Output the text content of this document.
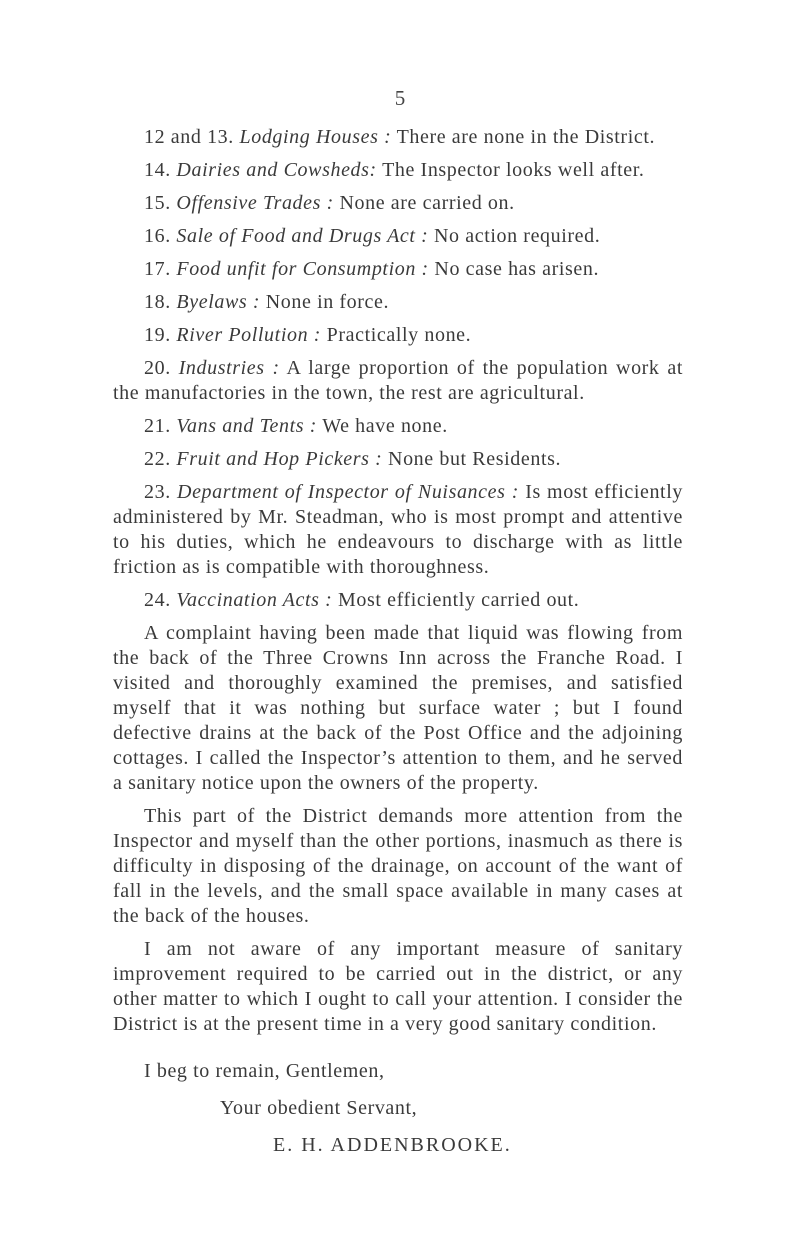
5

12 and 13. Lodging Houses : There are none in the District.

14. Dairies and Cowsheds: The Inspector looks well after.

15. Offensive Trades : None are carried on.

16. Sale of Food and Drugs Act : No action required.

17. Food unfit for Consumption : No case has arisen.

18. Byelaws : None in force.

19. River Pollution : Practically none.

20. Industries : A large proportion of the population work at the manufactories in the town, the rest are agricultural.

21. Vans and Tents : We have none.

22. Fruit and Hop Pickers : None but Residents.

23. Department of Inspector of Nuisances : Is most efficiently administered by Mr. Steadman, who is most prompt and attentive to his duties, which he endeavours to discharge with as little friction as is compatible with thoroughness.

24. Vaccination Acts : Most efficiently carried out.

A complaint having been made that liquid was flowing from the back of the Three Crowns Inn across the Franche Road. I visited and thoroughly examined the premises, and satisfied myself that it was nothing but surface water ; but I found defective drains at the back of the Post Office and the adjoining cottages. I called the Inspector’s attention to them, and he served a sanitary notice upon the owners of the property.

This part of the District demands more attention from the Inspector and myself than the other portions, inasmuch as there is difficulty in disposing of the drainage, on account of the want of fall in the levels, and the small space available in many cases at the back of the houses.

I am not aware of any important measure of sanitary improvement required to be carried out in the district, or any other matter to which I ought to call your attention. I consider the District is at the present time in a very good sanitary condition.

I beg to remain, Gentlemen,
Your obedient Servant,
E. H. ADDENBROOKE.
